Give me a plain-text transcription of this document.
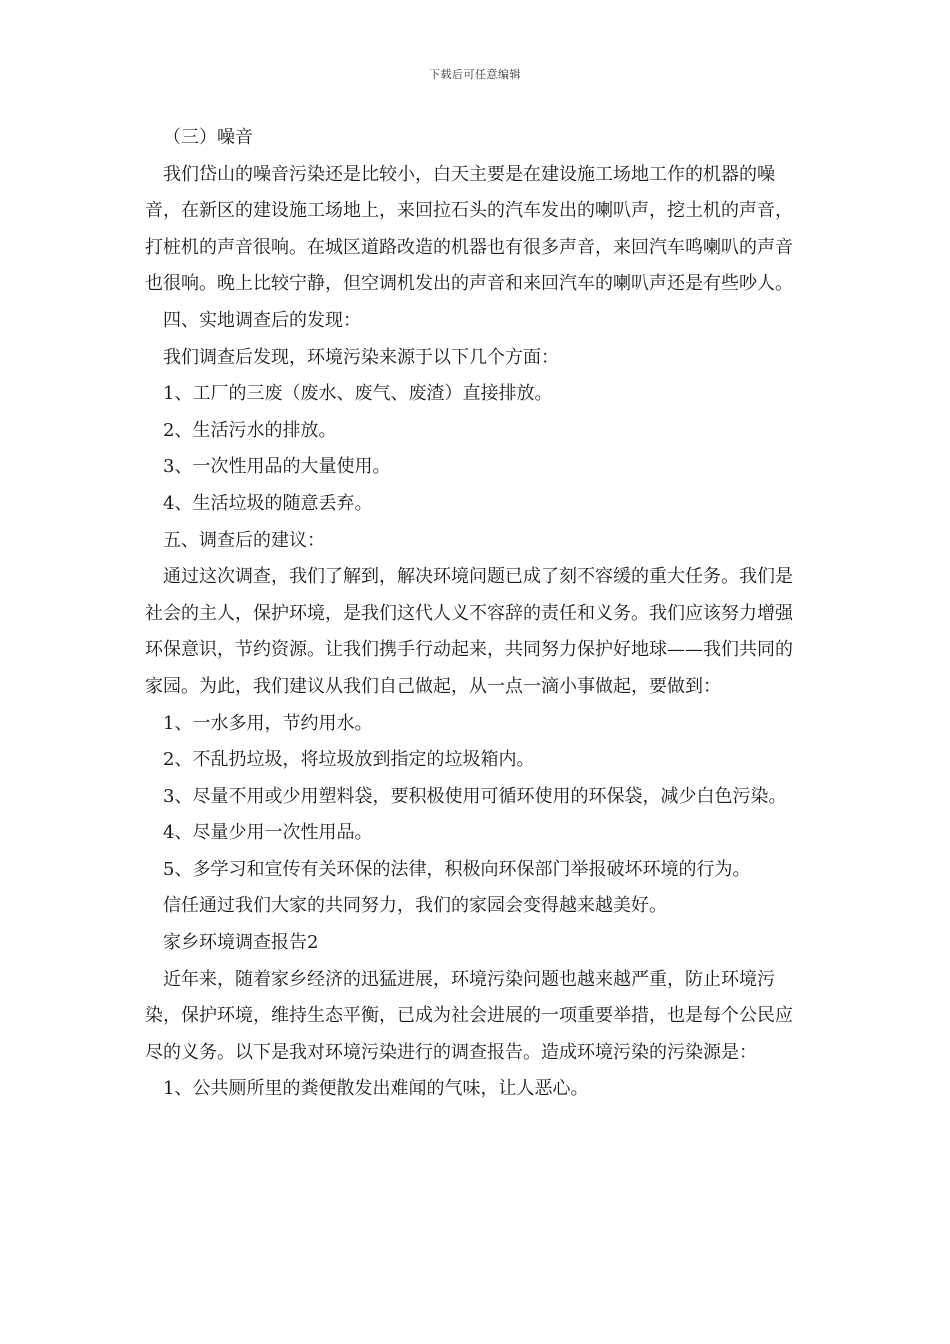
下载后可任意编辑

（三）噪音

我们岱山的噪音污染还是比较小，白天主要是在建设施工场地工作的机器的噪音，在新区的建设施工场地上，来回拉石头的汽车发出的喇叭声，挖土机的声音，打桩机的声音很响。在城区道路改造的机器也有很多声音，来回汽车鸣喇叭的声音也很响。晚上比较宁静，但空调机发出的声音和来回汽车的喇叭声还是有些吵人。

四、实地调查后的发现：

我们调查后发现，环境污染来源于以下几个方面：

1、工厂的三废（废水、废气、废渣）直接排放。

2、生活污水的排放。

3、一次性用品的大量使用。

4、生活垃圾的随意丢弃。

五、调查后的建议：

通过这次调查，我们了解到，解决环境问题已成了刻不容缓的重大任务。我们是社会的主人，保护环境，是我们这代人义不容辞的责任和义务。我们应该努力增强环保意识，节约资源。让我们携手行动起来，共同努力保护好地球——我们共同的家园。为此，我们建议从我们自己做起，从一点一滴小事做起，要做到：

1、一水多用，节约用水。

2、不乱扔垃圾，将垃圾放到指定的垃圾箱内。

3、尽量不用或少用塑料袋，要积极使用可循环使用的环保袋，减少白色污染。

4、尽量少用一次性用品。

5、多学习和宣传有关环保的法律，积极向环保部门举报破坏环境的行为。

信任通过我们大家的共同努力，我们的家园会变得越来越美好。

家乡环境调查报告2

近年来，随着家乡经济的迅猛进展，环境污染问题也越来越严重，防止环境污染，保护环境，维持生态平衡，已成为社会进展的一项重要举措，也是每个公民应尽的义务。以下是我对环境污染进行的调查报告。造成环境污染的污染源是：

1、公共厕所里的粪便散发出难闻的气味，让人恶心。
